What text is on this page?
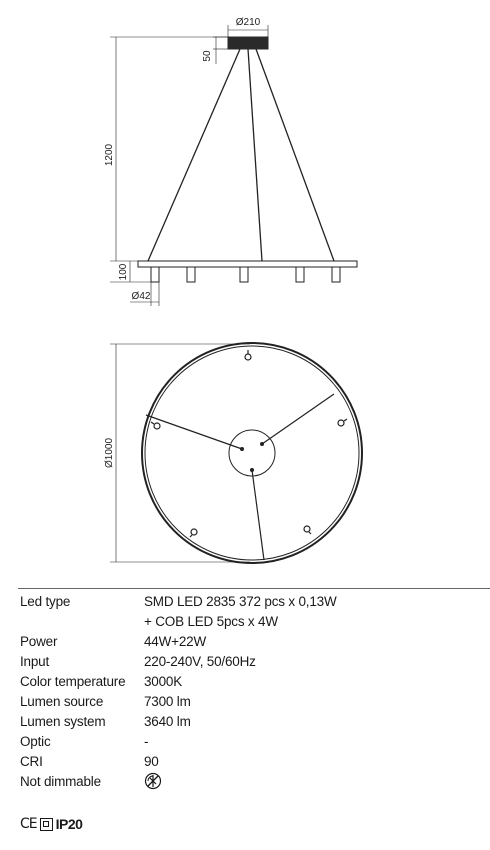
Ø210
50
1200
100
Ø42
Ø1000
Led type	SMD LED 2835 372 pcs x 0,13W
+ COB LED 5pcs x 4W
Power	44W+22W
Input	220-240V, 50/60Hz
Color temperature	3000K
Lumen source	7300 lm
Lumen system	3640 lm
Optic	-
CRI	90
Not dimmable
CE IP20
